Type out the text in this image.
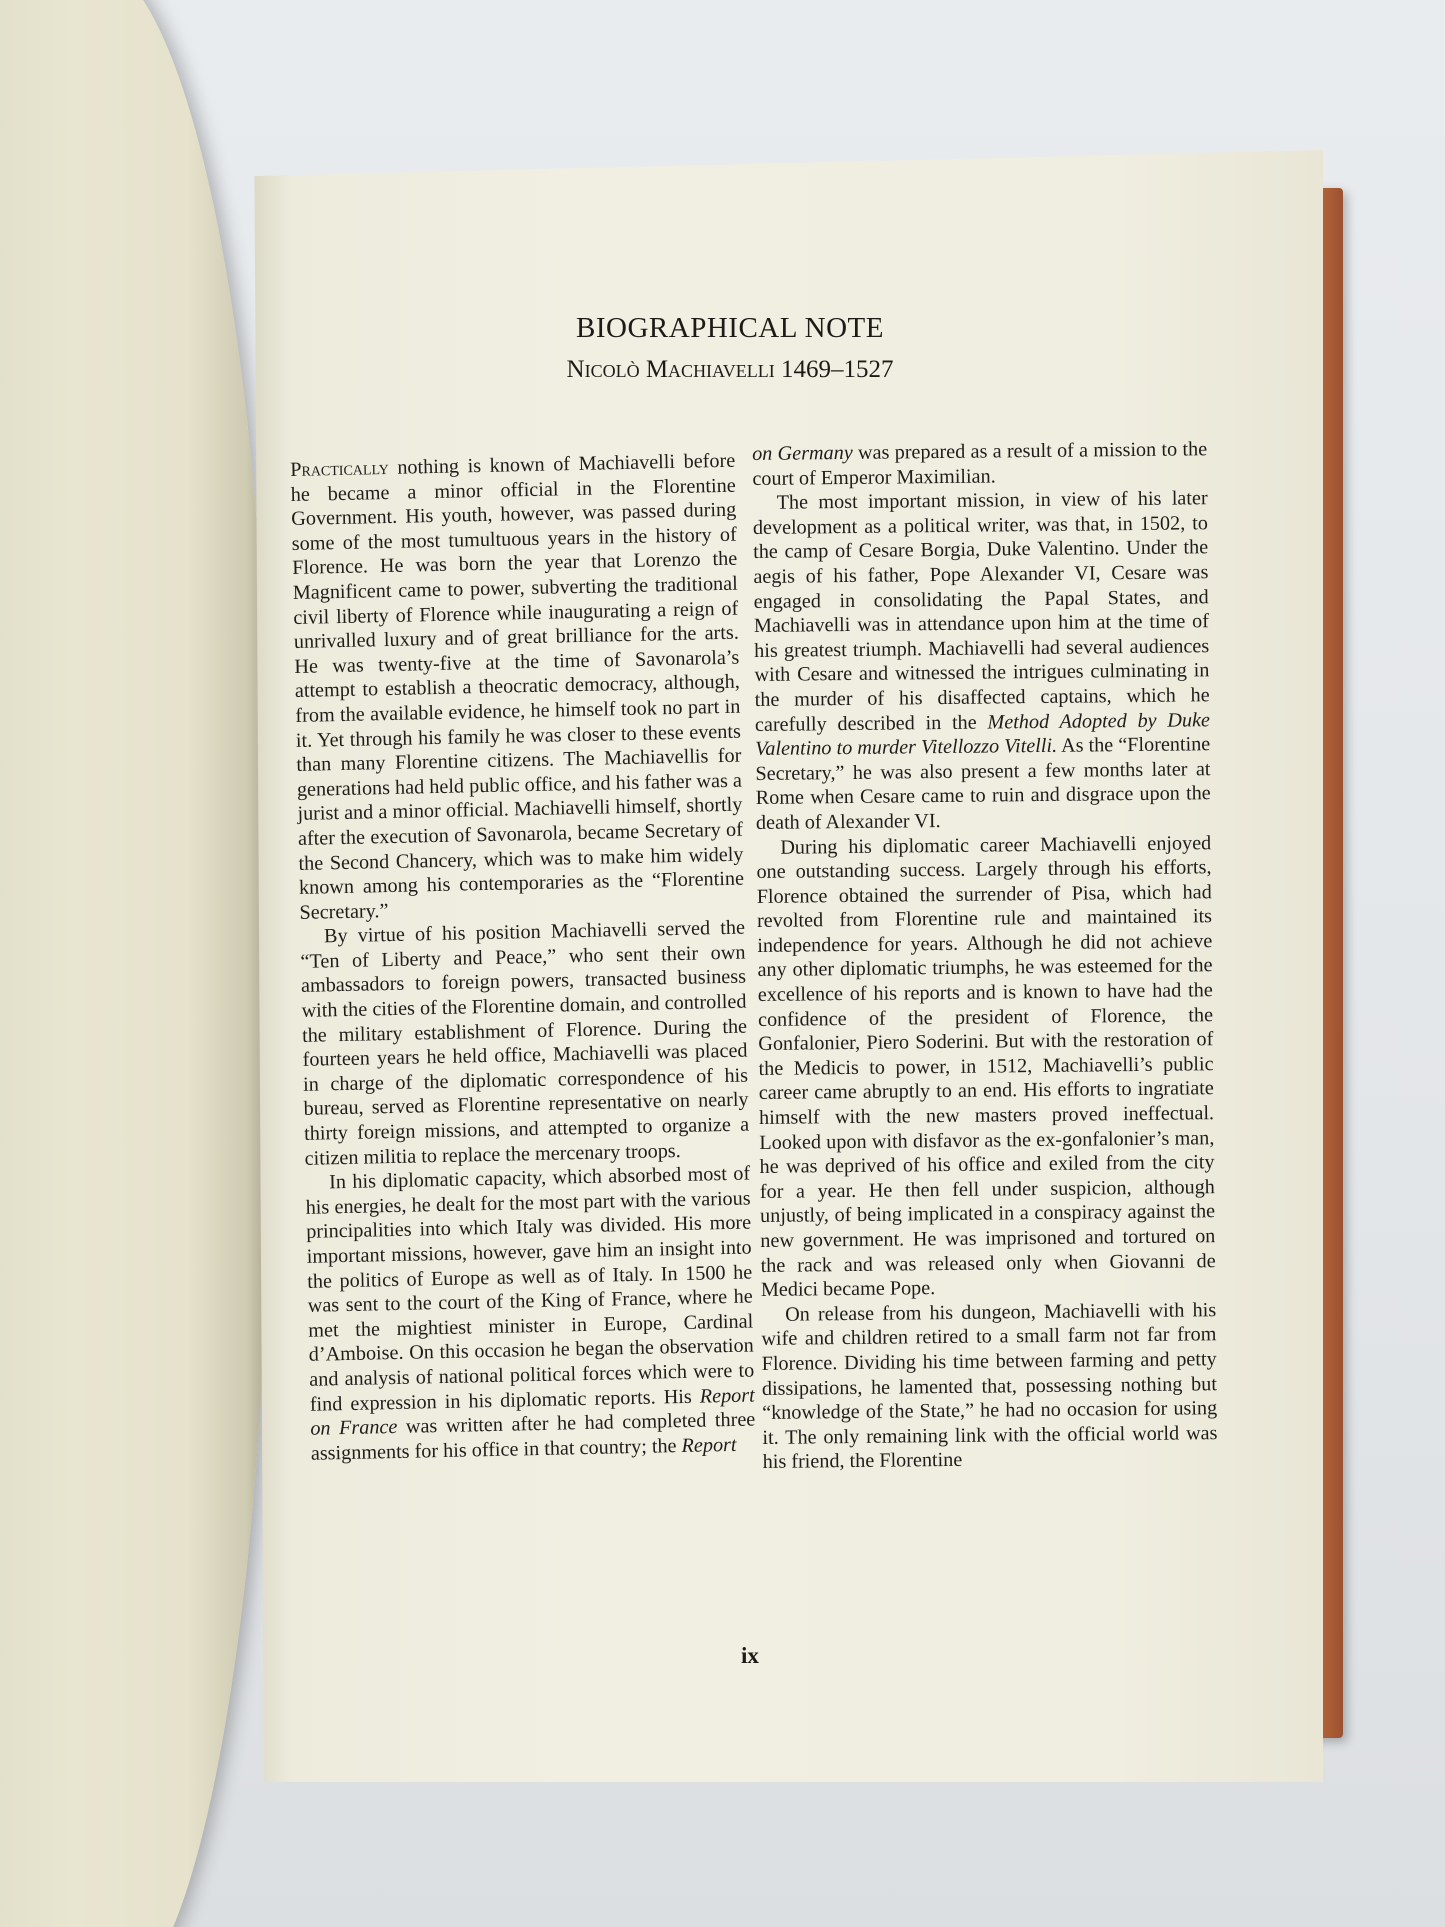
BIOGRAPHICAL NOTE
Nicolò Machiavelli 1469–1527

Practically nothing is known of Machiavelli before he became a minor official in the Florentine Government. His youth, however, was passed during some of the most tumultuous years in the history of Florence. He was born the year that Lorenzo the Magnificent came to power, subverting the traditional civil liberty of Florence while inaugurating a reign of unrivalled luxury and of great brilliance for the arts. He was twenty-five at the time of Savonarola’s attempt to establish a theocratic democracy, although, from the available evidence, he himself took no part in it. Yet through his family he was closer to these events than many Florentine citizens. The Machiavellis for generations had held public office, and his father was a jurist and a minor official. Machiavelli himself, shortly after the execution of Savonarola, became Secretary of the Second Chancery, which was to make him widely known among his contemporaries as the “Florentine Secretary.”

By virtue of his position Machiavelli served the “Ten of Liberty and Peace,” who sent their own ambassadors to foreign powers, transacted business with the cities of the Florentine domain, and controlled the military establishment of Florence. During the fourteen years he held office, Machiavelli was placed in charge of the diplomatic correspondence of his bureau, served as Florentine representative on nearly thirty foreign missions, and attempted to organize a citizen militia to replace the mercenary troops.

In his diplomatic capacity, which absorbed most of his energies, he dealt for the most part with the various principalities into which Italy was divided. His more important missions, however, gave him an insight into the politics of Europe as well as of Italy. In 1500 he was sent to the court of the King of France, where he met the mightiest minister in Europe, Cardinal d’Amboise. On this occasion he began the observation and analysis of national political forces which were to find expression in his diplomatic reports. His Report on France was written after he had completed three assignments for his office in that country; the Report

on Germany was prepared as a result of a mission to the court of Emperor Maximilian.

The most important mission, in view of his later development as a political writer, was that, in 1502, to the camp of Cesare Borgia, Duke Valentino. Under the aegis of his father, Pope Alexander VI, Cesare was engaged in consolidating the Papal States, and Machiavelli was in attendance upon him at the time of his greatest triumph. Machiavelli had several audiences with Cesare and witnessed the intrigues culminating in the murder of his disaffected captains, which he carefully described in the Method Adopted by Duke Valentino to murder Vitellozzo Vitelli. As the “Florentine Secretary,” he was also present a few months later at Rome when Cesare came to ruin and disgrace upon the death of Alexander VI.

During his diplomatic career Machiavelli enjoyed one outstanding success. Largely through his efforts, Florence obtained the surrender of Pisa, which had revolted from Florentine rule and maintained its independence for years. Although he did not achieve any other diplomatic triumphs, he was esteemed for the excellence of his reports and is known to have had the confidence of the president of Florence, the Gonfalonier, Piero Soderini. But with the restoration of the Medicis to power, in 1512, Machiavelli’s public career came abruptly to an end. His efforts to ingratiate himself with the new masters proved ineffectual. Looked upon with disfavor as the ex-gonfalonier’s man, he was deprived of his office and exiled from the city for a year. He then fell under suspicion, although unjustly, of being implicated in a conspiracy against the new government. He was imprisoned and tortured on the rack and was released only when Giovanni de Medici became Pope.

On release from his dungeon, Machiavelli with his wife and children retired to a small farm not far from Florence. Dividing his time between farming and petty dissipations, he lamented that, possessing nothing but “knowledge of the State,” he had no occasion for using it. The only remaining link with the official world was his friend, the Florentine

ix
